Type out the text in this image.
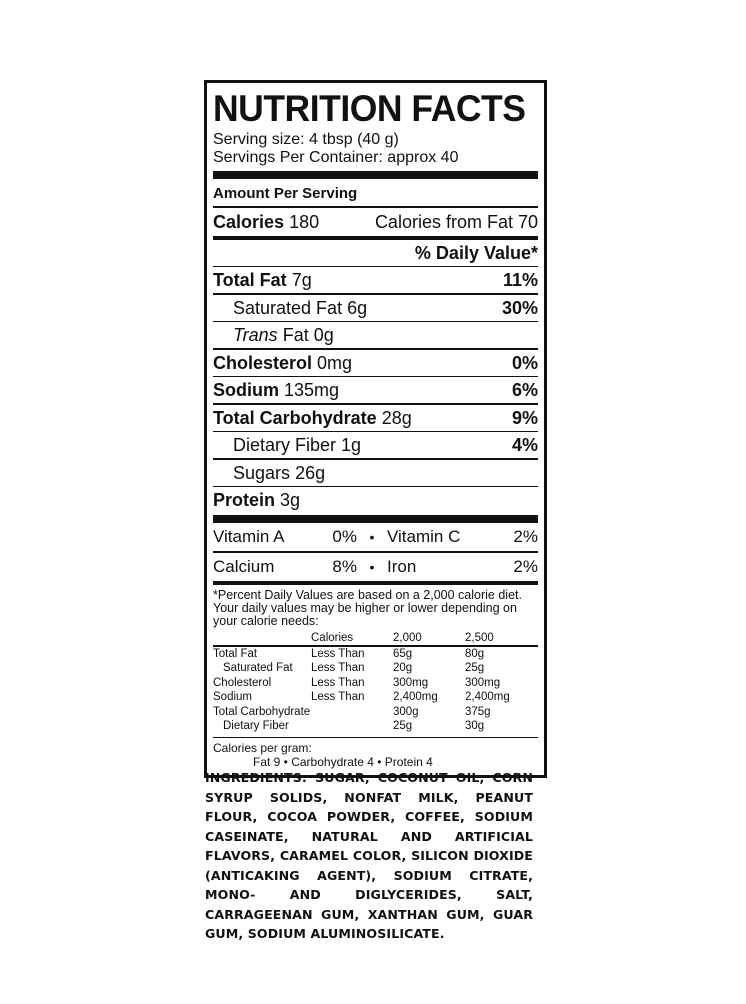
NUTRITION FACTS
Serving size: 4 tbsp (40 g)
Servings Per Container: approx 40
Amount Per Serving
Calories 180	Calories from Fat 70
% Daily Value*
Total Fat 7g	11%
Saturated Fat 6g	30%
Trans Fat 0g
Cholesterol 0mg	0%
Sodium 135mg	6%
Total Carbohydrate 28g	9%
Dietary Fiber 1g	4%
Sugars 26g
Protein 3g
Vitamin A	0% • Vitamin C	2%
Calcium	8% • Iron	2%
*Percent Daily Values are based on a 2,000 calorie diet. Your daily values may be higher or lower depending on your calorie needs:
	Calories	2,000	2,500

Total Fat	Less Than	65g	80g
Saturated Fat	Less Than	20g	25g
Cholesterol	Less Than	300mg	300mg
Sodium	Less Than	2,400mg	2,400mg
Total Carbohydrate		300g	375g
Dietary Fiber		25g	30g
Calories per gram:
Fat 9 • Carbohydrate 4 • Protein 4
INGREDIENTS: SUGAR, COCONUT OIL, CORN SYRUP SOLIDS, NONFAT MILK, PEANUT FLOUR, COCOA POWDER, COFFEE, SODIUM CASEINATE, NATURAL AND ARTIFICIAL FLAVORS, CARAMEL COLOR, SILICON DIOXIDE (ANTICAKING AGENT), SODIUM CITRATE, MONO- AND DIGLYCERIDES, SALT, CARRAGEENAN GUM, XANTHAN GUM, GUAR GUM, SODIUM ALUMINOSILICATE.
